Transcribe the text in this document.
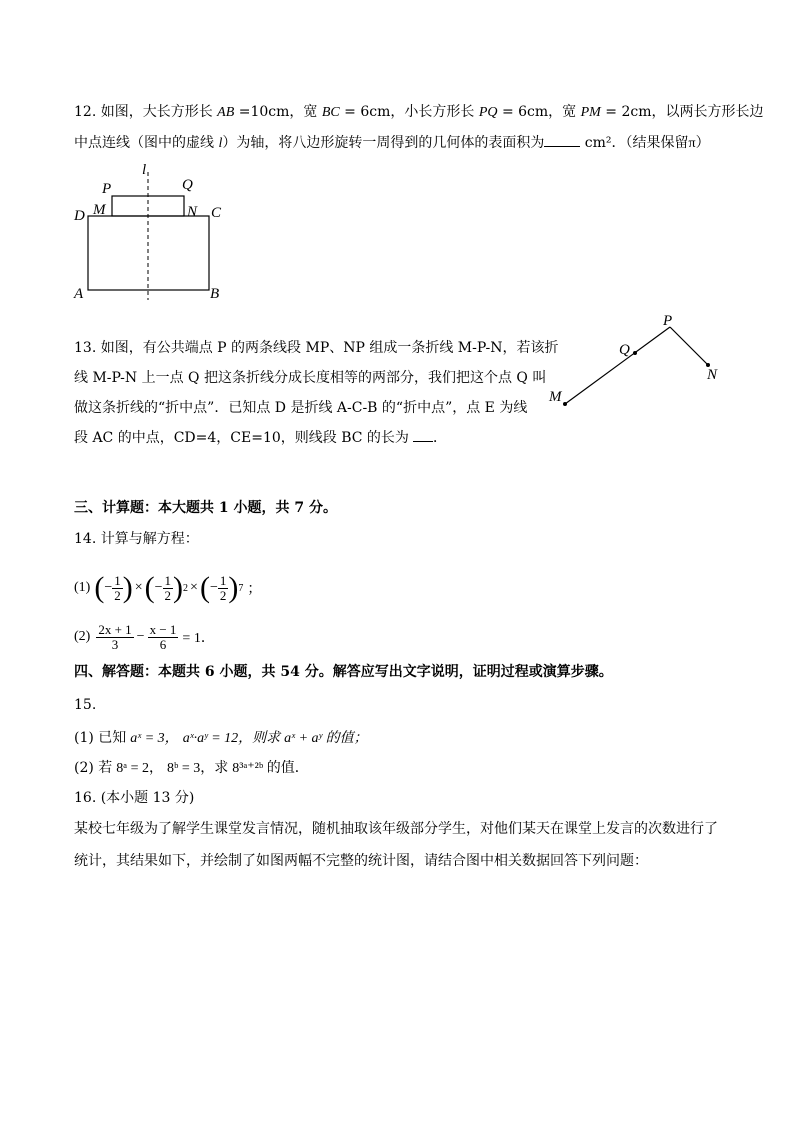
12. 如图，大长方形长 AB =10cm，宽 BC = 6cm，小长方形长 PQ = 6cm，宽 PM = 2cm，以两长方形长边
中点连线（图中的虚线 l）为轴，将八边形旋转一周得到的几何体的表面积为	cm²．（结果保留π）
l
P	Q
D M	N C
A	B
13. 如图，有公共端点 P 的两条线段 MP、NP 组成一条折线 M-P-N，若该折
线 M-P-N 上一点 Q 把这条折线分成长度相等的两部分，我们把这个点 Q 叫
做这条折线的“折中点”．已知点 D 是折线 A-C-B 的“折中点”，点 E 为线
段 AC 的中点，CD=4，CE=10，则线段 BC 的长为 ．
P
Q
N
M
三、计算题：本大题共 1 小题，共 7 分。
14. 计算与解方程：
(1) ( − $\frac{1}{2}$ ) × ( − $\frac{1}{2}$ ) 2 × ( − $\frac{1}{2}$ ) 7 ；
$(2) \frac{2x + 1}{3} - \frac{x - 1}{6} = 1$．
四、解答题：本题共 6 小题，共 54 分。解答应写出文字说明，证明过程或演算步骤。
15.
(1) 已知 aˣ = 3， aˣ·aʸ = 12，则求 aˣ + aʸ 的值；
(2) 若 8ᵃ = 2， 8ᵇ = 3，求 8³ᵃ⁺²ᵇ 的值．
16. (本小题 13 分)
某校七年级为了解学生课堂发言情况，随机抽取该年级部分学生，对他们某天在课堂上发言的次数进行了
统计，其结果如下，并绘制了如图两幅不完整的统计图，请结合图中相关数据回答下列问题：
